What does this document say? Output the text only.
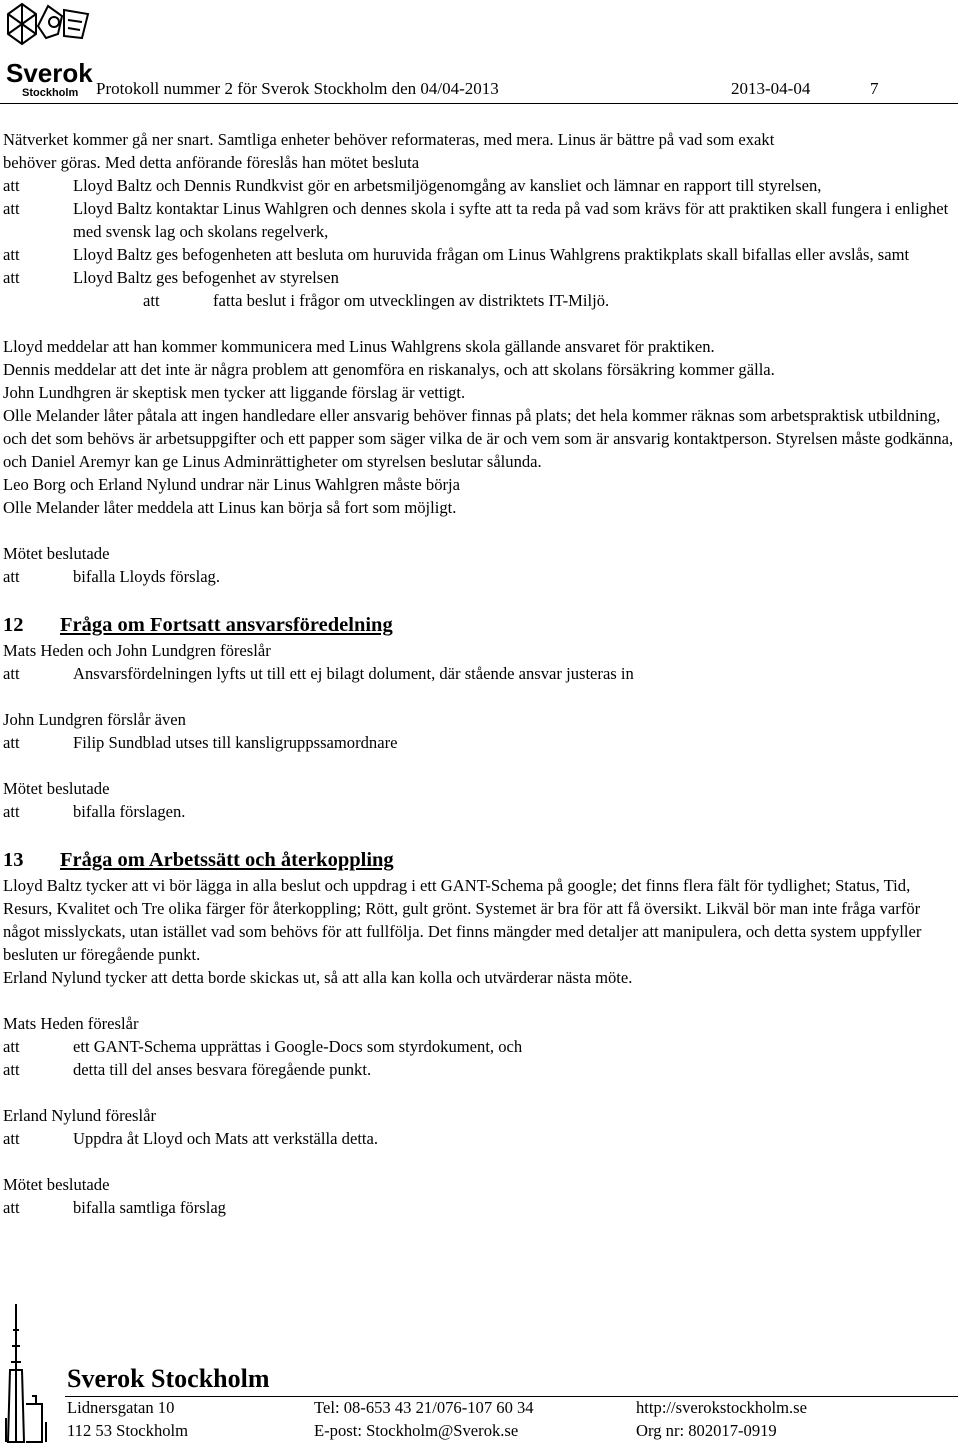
Sverok
Stockholm Protokoll nummer 2 för Sverok Stockholm den 04/04-2013	2013-04-04	7

Nätverket kommer gå ner snart. Samtliga enheter behöver reformateras, med mera. Linus är bättre på vad som exakt

behöver göras. Med detta anförande föreslås han mötet besluta

att	Lloyd Baltz och Dennis Rundkvist gör en arbetsmiljögenomgång av kansliet och lämnar en rapport till styrelsen,
att	Lloyd Baltz kontaktar Linus Wahlgren och dennes skola i syfte att ta reda på vad som krävs för att praktiken skall fungera i enlighet med svensk lag och skolans regelverk,
att	Lloyd Baltz ges befogenheten att besluta om huruvida frågan om Linus Wahlgrens praktikplats skall bifallas eller avslås, samt
att	Lloyd Baltz ges befogenhet av styrelsen
att	fatta beslut i frågor om utvecklingen av distriktets IT-Miljö.

Lloyd meddelar att han kommer kommunicera med Linus Wahlgrens skola gällande ansvaret för praktiken.

Dennis meddelar att det inte är några problem att genomföra en riskanalys, och att skolans försäkring kommer gälla.

John Lundhgren är skeptisk men tycker att liggande förslag är vettigt.

Olle Melander låter påtala att ingen handledare eller ansvarig behöver finnas på plats; det hela kommer räknas som arbetspraktisk utbildning, och det som behövs är arbetsuppgifter och ett papper som säger vilka de är och vem som är ansvarig kontaktperson. Styrelsen måste godkänna, och Daniel Aremyr kan ge Linus Adminrättigheter om styrelsen beslutar sålunda.

Leo Borg och Erland Nylund undrar när Linus Wahlgren måste börja

Olle Melander låter meddela att Linus kan börja så fort som möjligt.

Mötet beslutade

att	bifalla Lloyds förslag.
12 Fråga om Fortsatt ansvarsföredelning

Mats Heden och John Lundgren föreslår

att	Ansvarsfördelningen lyfts ut till ett ej bilagt dolument, där stående ansvar justeras in

John Lundgren förslår även

att	Filip Sundblad utses till kansligruppssamordnare

Mötet beslutade

att	bifalla förslagen.
13 Fråga om Arbetssätt och återkoppling

Lloyd Baltz tycker att vi bör lägga in alla beslut och uppdrag i ett GANT-Schema på google; det finns flera fält för tydlighet; Status, Tid, Resurs, Kvalitet och Tre olika färger för återkoppling; Rött, gult grönt. Systemet är bra för att få översikt. Likväl bör man inte fråga varför något misslyckats, utan istället vad som behövs för att fullfölja. Det finns mängder med detaljer att manipulera, och detta system uppfyller besluten ur föregående punkt.

Erland Nylund tycker att detta borde skickas ut, så att alla kan kolla och utvärderar nästa möte.

Mats Heden föreslår

att	ett GANT-Schema upprättas i Google-Docs som styrdokument, och
att	detta till del anses besvara föregående punkt.

Erland Nylund föreslår

att	Uppdra åt Lloyd och Mats att verkställa detta.

Mötet beslutade

att	bifalla samtliga förslag
Sverok Stockholm
Lidnersgatan 10
112 53 Stockholm
Tel: 08-653 43 21/076-107 60 34
E-post: Stockholm@Sverok.se
http://sverokstockholm.se
Org nr: 802017-0919
